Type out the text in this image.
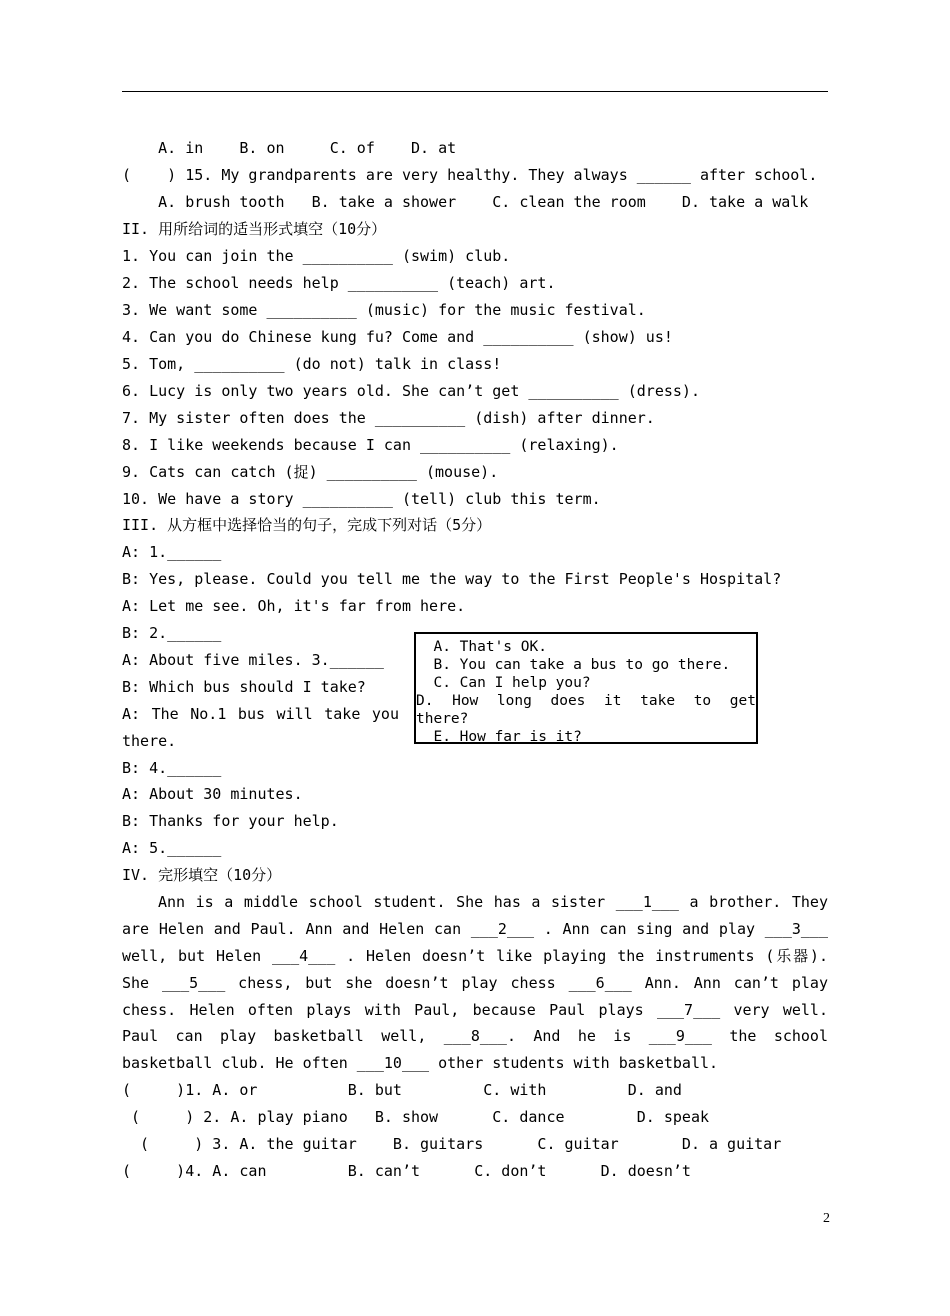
A. in    B. on     C. of    D. at
(    ) 15. My grandparents are very healthy. They always ______ after school.
A. brush tooth   B. take a shower    C. clean the room    D. take a walk
II. 用所给词的适当形式填空（10分）
1. You can join the __________ (swim) club.
2. The school needs help __________ (teach) art.
3. We want some __________ (music) for the music festival.
4. Can you do Chinese kung fu? Come and __________ (show) us!
5. Tom, __________ (do not) talk in class!
6. Lucy is only two years old. She can’t get __________ (dress).
7. My sister often does the __________ (dish) after dinner.
8. I like weekends because I can __________ (relaxing).
9. Cats can catch (捉) __________ (mouse).
10. We have a story __________ (tell) club this term.
III. 从方框中选择恰当的句子，完成下列对话（5分）
A: 1.______
B: Yes, please. Could you tell me the way to the First People's Hospital?
A: Let me see. Oh, it's far from here.
B: 2.______
A: About five miles. 3.______
B: Which bus should I take?
A: The No.1 bus will take you
there.
B: 4.______
A: About 30 minutes.
B: Thanks for your help.
A: 5.______
IV. 完形填空（10分）
Ann is a middle school student. She has a sister ___1___ a brother. They
are Helen and Paul. Ann and Helen can ___2___ . Ann can sing and play ___3___
well, but Helen ___4___ . Helen doesn’t like playing the instruments (乐器).
She ___5___ chess, but she doesn’t play chess ___6___ Ann. Ann can’t play
chess. Helen often plays with Paul, because Paul plays ___7___ very well.
Paul can play basketball well, ___8___. And he is ___9___ the school
basketball club. He often ___10___ other students with basketball.
(     )1. A. or          B. but         C. with         D. and
(     ) 2. A. play piano   B. show      C. dance        D. speak
(     ) 3. A. the guitar    B. guitars      C. guitar       D. a guitar
(     )4. A. can         B. can’t      C. don’t      D. doesn’t
A. That's OK.
B. You can take a bus to go there.
C. Can I help you?
D. How long does it take to get
there?
E. How far is it?
2
